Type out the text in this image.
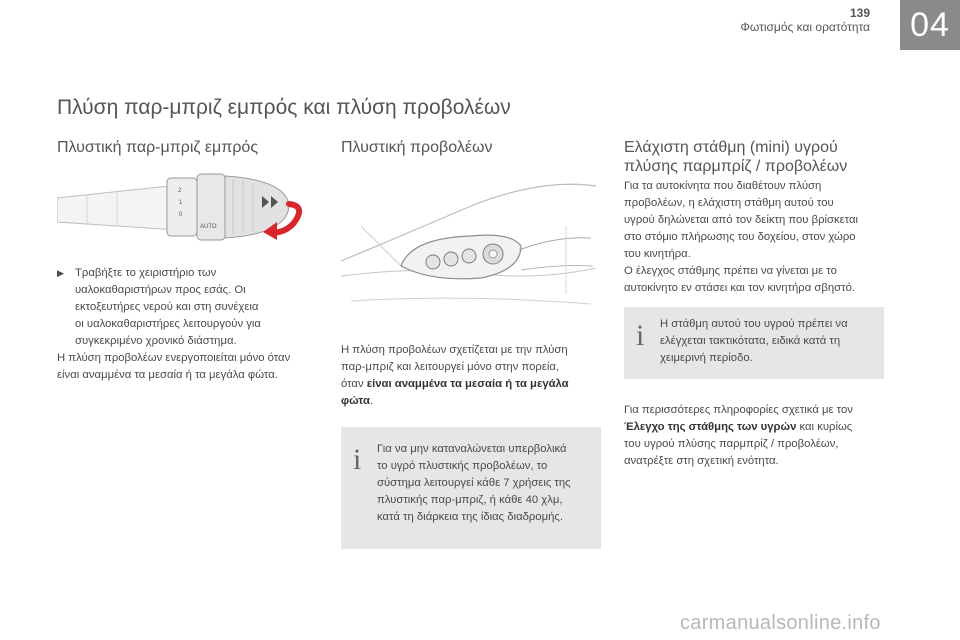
139
Φωτισμός και ορατότητα 04
Πλύση παρ-μπριζ εμπρός και πλύση προβολέων
Πλυστική παρ-μπριζ εμπρός
2
1
0
AUTO
▶ Τραβήξτε το χειριστήριο των
υαλοκαθαριστήρων προς εσάς. Οι
εκτοξευτήρες νερού και στη συνέχεια
οι υαλοκαθαριστήρες λειτουργούν για
συγκεκριμένο χρονικό διάστημα.
Η πλύση προβολέων ενεργοποιείται μόνο όταν
είναι αναμμένα τα μεσαία ή τα μεγάλα φώτα.
Πλυστική προβολέων
Η πλύση προβολέων σχετίζεται με την πλύση
παρ-μπριζ και λειτουργεί μόνο στην πορεία,
όταν είναι αναμμένα τα μεσαία ή τα μεγάλα
φώτα.
i Για να μην καταναλώνεται υπερβολικά
το υγρό πλυστικής προβολέων, το
σύστημα λειτουργεί κάθε 7 χρήσεις της
πλυστικής παρ-μπριζ, ή κάθε 40 χλμ,
κατά τη διάρκεια της ίδιας διαδρομής.
Ελάχιστη στάθμη (mini) υγρού
πλύσης παρμπρίζ / προβολέων
Για τα αυτοκίνητα που διαθέτουν πλύση
προβολέων, η ελάχιστη στάθμη αυτού του
υγρού δηλώνεται από τον δείκτη που βρίσκεται
στο στόμιο πλήρωσης του δοχείου, στον χώρο
του κινητήρα.
Ο έλεγχος στάθμης πρέπει να γίνεται με το
αυτοκίνητο εν στάσει και τον κινητήρα σβηστό.
i Η στάθμη αυτού του υγρού πρέπει να
ελέγχεται τακτικότατα, ειδικά κατά τη
χειμερινή περίοδο.
Για περισσότερες πληροφορίες σχετικά με τον
Έλεγχο της στάθμης των υγρών και κυρίως
του υγρού πλύσης παρμπρίζ / προβολέων,
ανατρέξτε στη σχετική ενότητα.
carmanualsonline.info
